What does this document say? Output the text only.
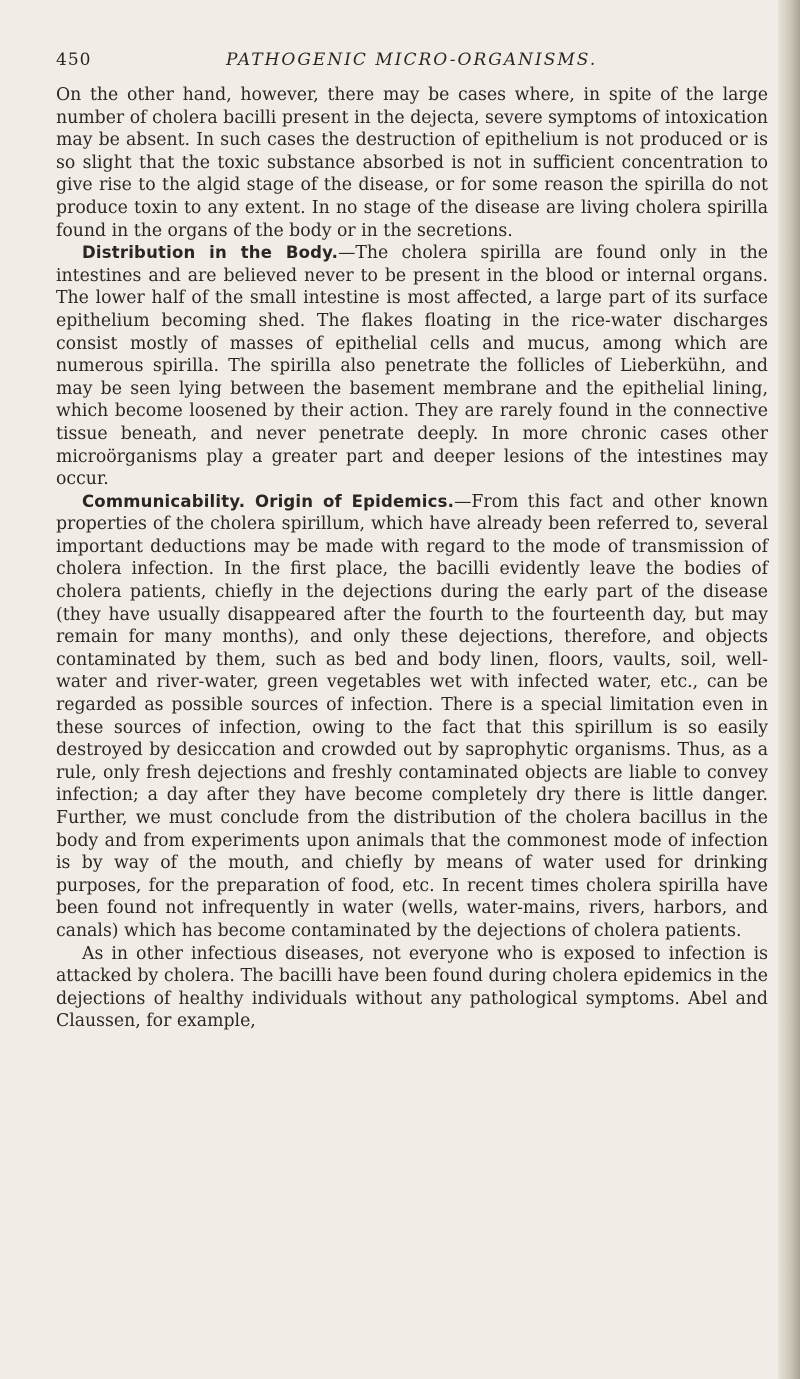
450	PATHOGENIC MICRO-ORGANISMS.

On the other hand, however, there may be cases where, in spite of the large number of cholera bacilli present in the dejecta, severe symptoms of intoxication may be absent. In such cases the destruction of epithelium is not produced or is so slight that the toxic substance absorbed is not in sufficient concentration to give rise to the algid stage of the disease, or for some reason the spirilla do not produce toxin to any extent. In no stage of the disease are living cholera spirilla found in the organs of the body or in the secretions.

Distribution in the Body.—The cholera spirilla are found only in the intestines and are believed never to be present in the blood or internal organs. The lower half of the small intestine is most affected, a large part of its surface epithelium becoming shed. The flakes floating in the rice-water discharges consist mostly of masses of epithelial cells and mucus, among which are numerous spirilla. The spirilla also penetrate the follicles of Lieberkühn, and may be seen lying between the basement membrane and the epithelial lining, which become loosened by their action. They are rarely found in the connective tissue beneath, and never penetrate deeply. In more chronic cases other microörganisms play a greater part and deeper lesions of the intestines may occur.

Communicability. Origin of Epidemics.—From this fact and other known properties of the cholera spirillum, which have already been referred to, several important deductions may be made with regard to the mode of transmission of cholera infection. In the first place, the bacilli evidently leave the bodies of cholera patients, chiefly in the dejections during the early part of the disease (they have usually disappeared after the fourth to the fourteenth day, but may remain for many months), and only these dejections, therefore, and objects contaminated by them, such as bed and body linen, floors, vaults, soil, well-water and river-water, green vegetables wet with infected water, etc., can be regarded as possible sources of infection. There is a special limitation even in these sources of infection, owing to the fact that this spirillum is so easily destroyed by desiccation and crowded out by saprophytic organisms. Thus, as a rule, only fresh dejections and freshly contaminated objects are liable to convey infection; a day after they have become completely dry there is little danger. Further, we must conclude from the distribution of the cholera bacillus in the body and from experiments upon animals that the commonest mode of infection is by way of the mouth, and chiefly by means of water used for drinking purposes, for the preparation of food, etc. In recent times cholera spirilla have been found not infrequently in water (wells, water-mains, rivers, harbors, and canals) which has become contaminated by the dejections of cholera patients.

As in other infectious diseases, not everyone who is exposed to infection is attacked by cholera. The bacilli have been found during cholera epidemics in the dejections of healthy individuals without any pathological symptoms. Abel and Claussen, for example,
